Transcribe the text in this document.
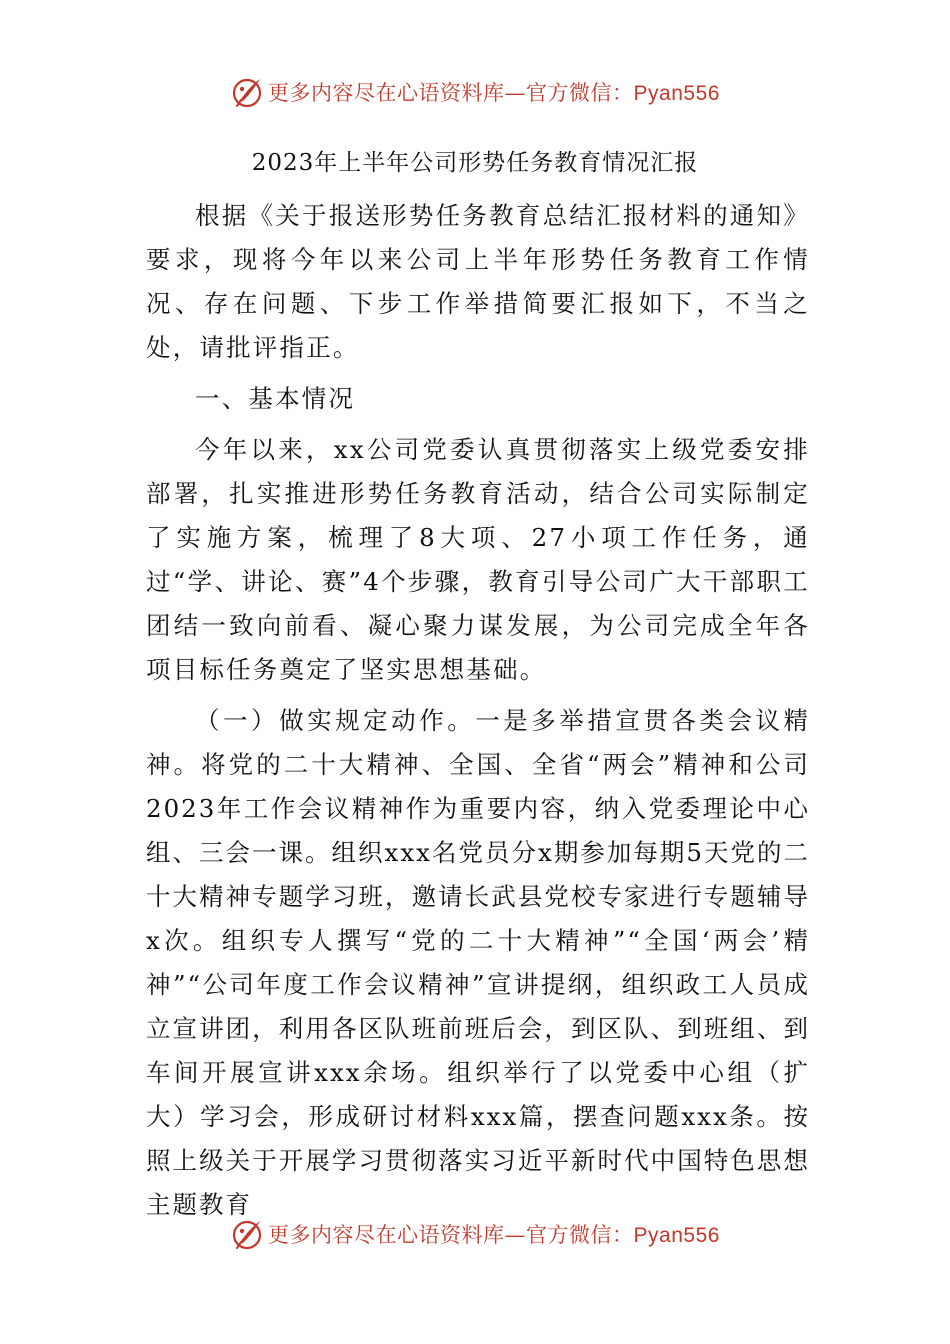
更多内容尽在心语资料库—官方微信：Pyan556
2023年上半年公司形势任务教育情况汇报

根据《关于报送形势任务教育总结汇报材料的通知》要求，现将今年以来公司上半年形势任务教育工作情况、存在问题、下步工作举措简要汇报如下，不当之处，请批评指正。

一、基本情况

今年以来，xx公司党委认真贯彻落实上级党委安排部署，扎实推进形势任务教育活动，结合公司实际制定了实施方案，梳理了8大项、27小项工作任务，通过“学、讲论、赛”4个步骤，教育引导公司广大干部职工团结一致向前看、凝心聚力谋发展，为公司完成全年各项目标任务奠定了坚实思想基础。

（一）做实规定动作。一是多举措宣贯各类会议精神。将党的二十大精神、全国、全省“两会”精神和公司2023年工作会议精神作为重要内容，纳入党委理论中心组、三会一课。组织xxx名党员分x期参加每期5天党的二十大精神专题学习班，邀请长武县党校专家进行专题辅导x次。组织专人撰写“党的二十大精神”“全国‘两会’精神”“公司年度工作会议精神”宣讲提纲，组织政工人员成立宣讲团，利用各区队班前班后会，到区队、到班组、到车间开展宣讲xxx余场。组织举行了以党委中心组（扩大）学习会，形成研讨材料xxx篇，摆查问题xxx条。按照上级关于开展学习贯彻落实习近平新时代中国特色思想主题教育

更多内容尽在心语资料库—官方微信：Pyan556
